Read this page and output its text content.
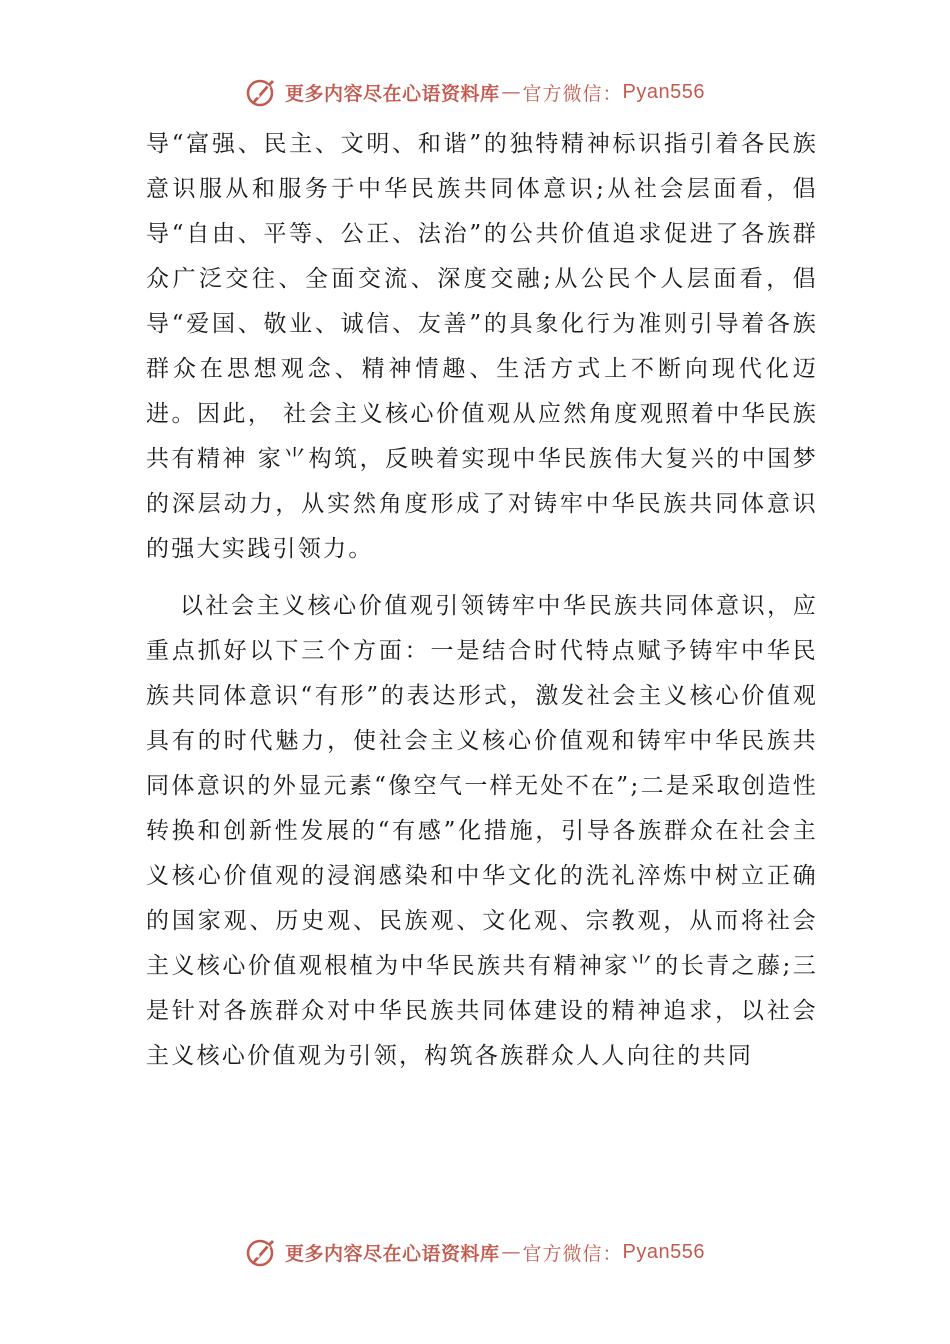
更多内容尽在心语资料库 — 官方微信： Pyan556

导“富强、民主、文明、和谐”的独特精神标识指引着各民族意识服从和服务于中华民族共同体意识;从社会层面看，倡导“自由、平等、公正、法治”的公共价值追求促进了各族群众广泛交往、全面交流、深度交融;从公民个人层面看，倡导“爱国、敬业、诚信、友善”的具象化行为准则引导着各族群众在思想观念、精神情趣、生活方式上不断向现代化迈进。因此， 社会主义核心价值观从应然角度观照着中华民族共有精神 家⺌构筑，反映着实现中华民族伟大复兴的中国梦的深层动力，从实然角度形成了对铸牢中华民族共同体意识的强大实践引领力。

以社会主义核心价值观引领铸牢中华民族共同体意识，应重点抓好以下三个方面：一是结合时代特点赋予铸牢中华民族共同体意识“有形”的表达形式，激发社会主义核心价值观具有的时代魅力，使社会主义核心价值观和铸牢中华民族共同体意识的外显元素“像空气一样无处不在”;二是采取创造性转换和创新性发展的“有感”化措施，引导各族群众在社会主义核心价值观的浸润感染和中华文化的洗礼淬炼中树立正确的国家观、历史观、民族观、文化观、宗教观，从而将社会主义核心价值观根植为中华民族共有精神家⺌的长青之藤;三是针对各族群众对中华民族共同体建设的精神追求，以社会主义核心价值观为引领，构筑各族群众人人向往的共同

更多内容尽在心语资料库 — 官方微信： Pyan556
